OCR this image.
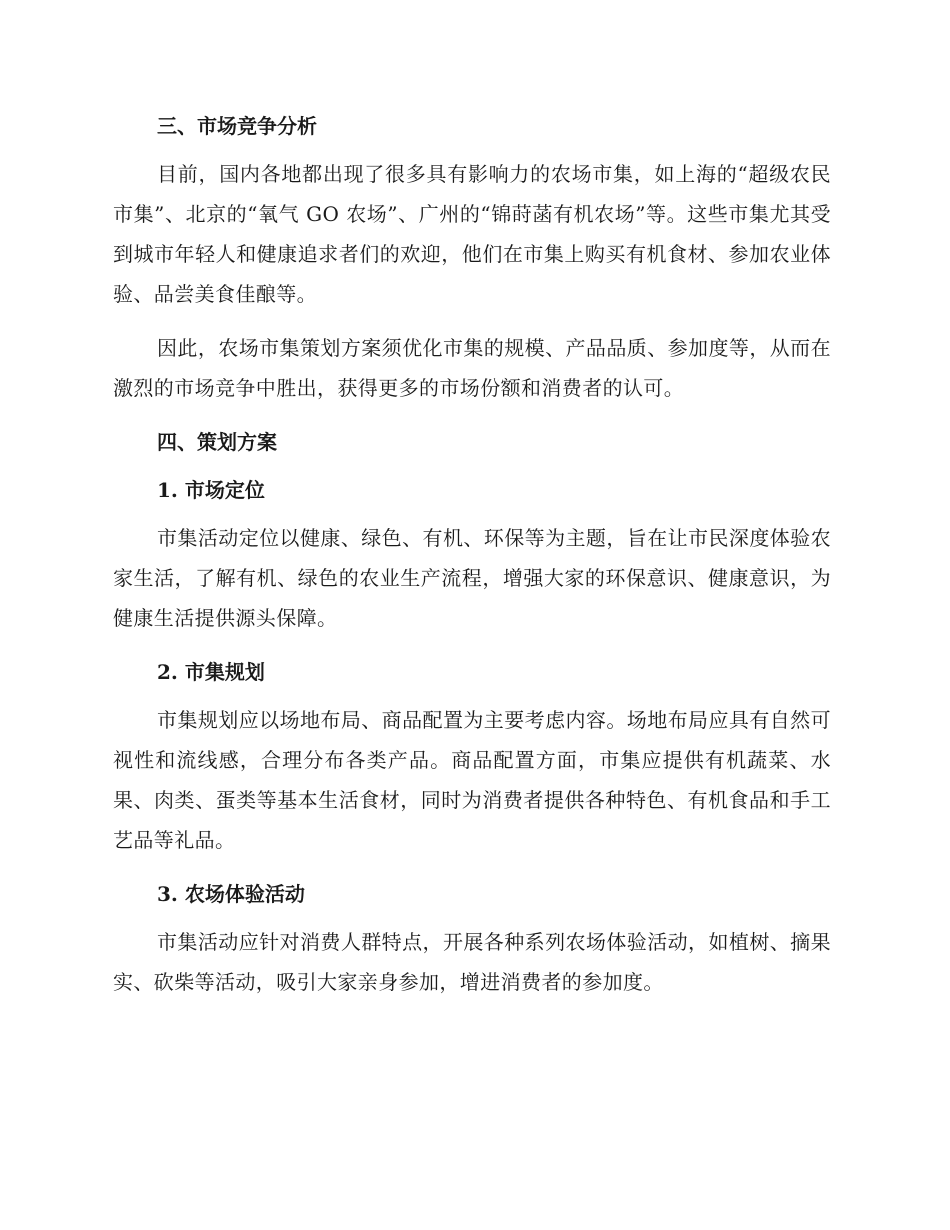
三、市场竞争分析

目前，国内各地都出现了很多具有影响力的农场市集，如上海的“超级农民市集”、北京的“氧气 GO 农场”、广州的“锦莳菡有机农场”等。这些市集尤其受到城市年轻人和健康追求者们的欢迎，他们在市集上购买有机食材、参加农业体验、品尝美食佳酿等。

因此，农场市集策划方案须优化市集的规模、产品品质、参加度等，从而在激烈的市场竞争中胜出，获得更多的市场份额和消费者的认可。

四、策划方案
1. 市场定位

市集活动定位以健康、绿色、有机、环保等为主题，旨在让市民深度体验农家生活，了解有机、绿色的农业生产流程，增强大家的环保意识、健康意识，为健康生活提供源头保障。

2. 市集规划

市集规划应以场地布局、商品配置为主要考虑内容。场地布局应具有自然可视性和流线感，合理分布各类产品。商品配置方面，市集应提供有机蔬菜、水果、肉类、蛋类等基本生活食材，同时为消费者提供各种特色、有机食品和手工艺品等礼品。

3. 农场体验活动

市集活动应针对消费人群特点，开展各种系列农场体验活动，如植树、摘果实、砍柴等活动，吸引大家亲身参加，增进消费者的参加度。
